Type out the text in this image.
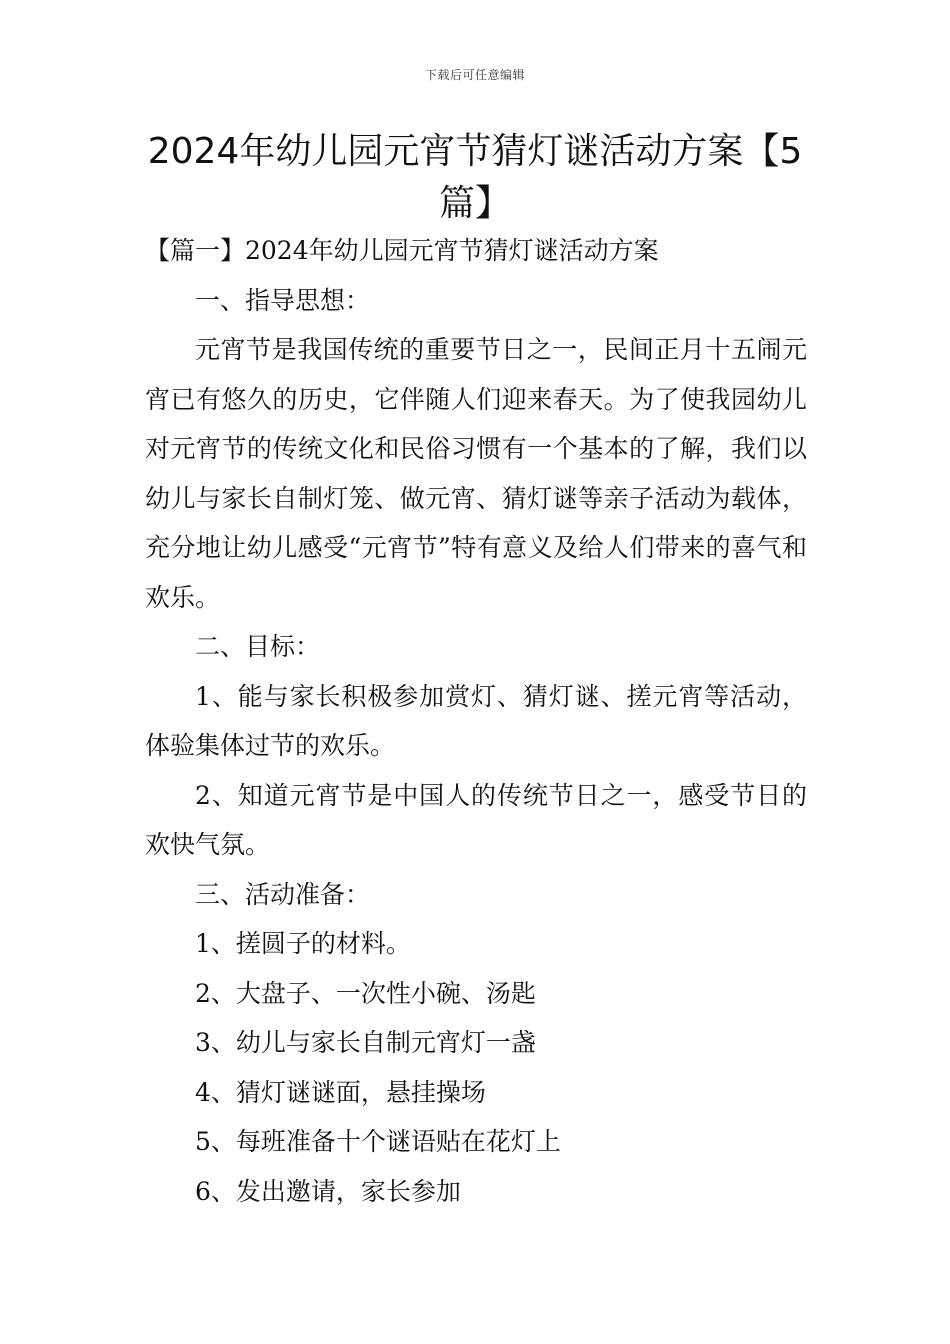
下载后可任意编辑
2024年幼儿园元宵节猜灯谜活动方案【5篇】

【篇一】2024年幼儿园元宵节猜灯谜活动方案

一、指导思想：

元宵节是我国传统的重要节日之一，民间正月十五闹元宵已有悠久的历史，它伴随人们迎来春天。为了使我园幼儿对元宵节的传统文化和民俗习惯有一个基本的了解，我们以幼儿与家长自制灯笼、做元宵、猜灯谜等亲子活动为载体，充分地让幼儿感受“元宵节”特有意义及给人们带来的喜气和欢乐。

二、目标：

1、能与家长积极参加赏灯、猜灯谜、搓元宵等活动，体验集体过节的欢乐。

2、知道元宵节是中国人的传统节日之一，感受节日的欢快气氛。

三、活动准备：

1、搓圆子的材料。

2、大盘子、一次性小碗、汤匙

3、幼儿与家长自制元宵灯一盏

4、猜灯谜谜面，悬挂操场

5、每班准备十个谜语贴在花灯上

6、发出邀请，家长参加
